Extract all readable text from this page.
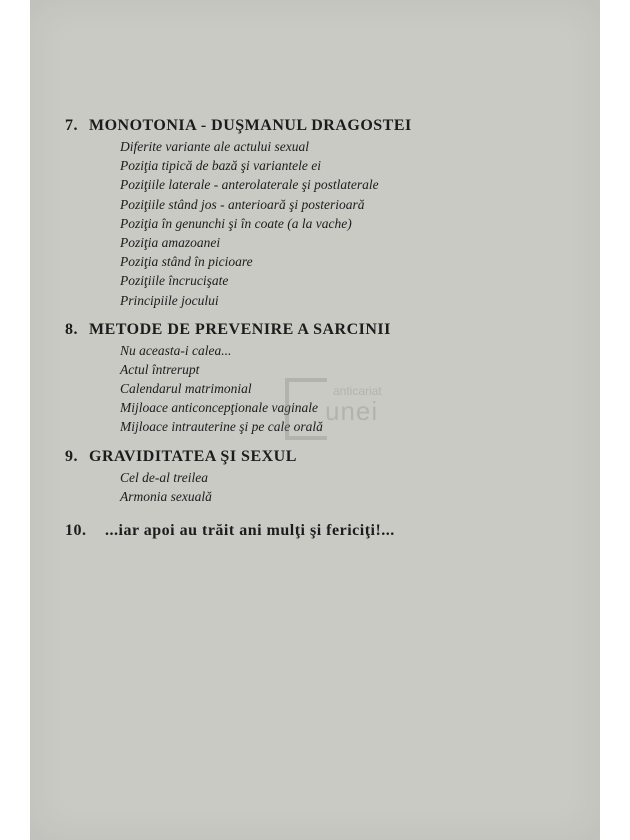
7. MONOTONIA - DUŞMANUL DRAGOSTEI
Diferite variante ale actului sexual
Poziţia tipică de bază şi variantele ei
Poziţiile laterale - anterolaterale şi postlaterale
Poziţiile stând jos - anterioară şi posterioară
Poziţia în genunchi şi în coate (a la vache)
Poziţia amazoanei
Poziţia stând în picioare
Poziţiile încrucişate
Principiile jocului
8. METODE DE PREVENIRE A SARCINII
Nu aceasta-i calea...
Actul întrerupt
Calendarul matrimonial
Mijloace anticoncepţionale vaginale
Mijloace intrauterine şi pe cale orală
9. GRAVIDITATEA ŞI SEXUL
Cel de-al treilea
Armonia sexuală
10.	...iar apoi au trăit ani mulţi şi fericiţi!...
anticariat
unei
